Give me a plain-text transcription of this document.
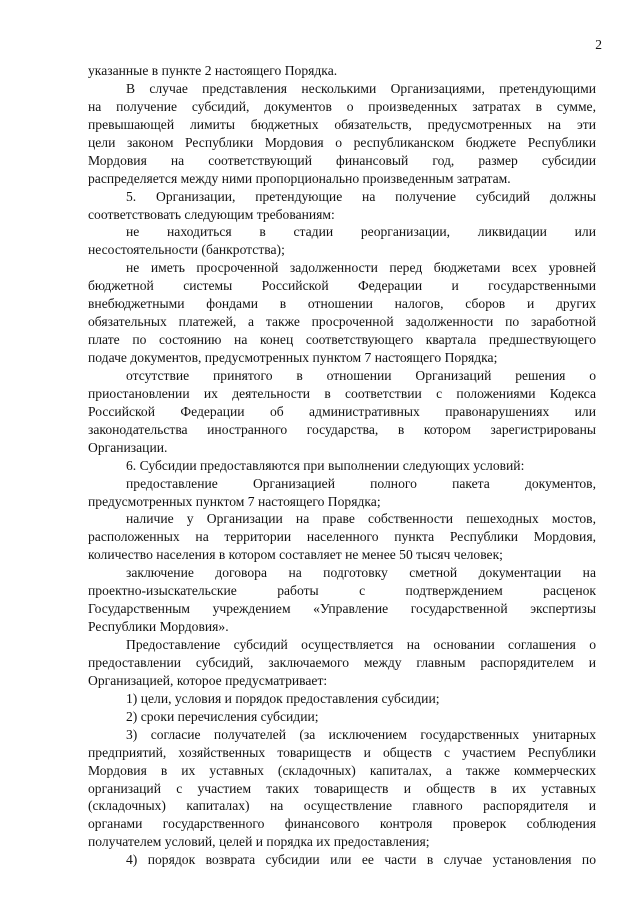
2
указанные в пункте 2 настоящего Порядка.
В случае представления несколькими Организациями, претендующими
на получение субсидий, документов о произведенных затратах в сумме,
превышающей лимиты бюджетных обязательств, предусмотренных на эти
цели законом Республики Мордовия о республиканском бюджете Республики
Мордовия на соответствующий финансовый год, размер субсидии
распределяется между ними пропорционально произведенным затратам.
5. Организации, претендующие на получение субсидий должны
соответствовать следующим требованиям:
не находиться в стадии реорганизации, ликвидации или
несостоятельности (банкротства);
не иметь просроченной задолженности перед бюджетами всех уровней
бюджетной системы Российской Федерации и государственными
внебюджетными фондами в отношении налогов, сборов и других
обязательных платежей, а также просроченной задолженности по заработной
плате по состоянию на конец соответствующего квартала предшествующего
подаче документов, предусмотренных пунктом 7 настоящего Порядка;
отсутствие принятого в отношении Организаций решения о
приостановлении их деятельности в соответствии с положениями Кодекса
Российской Федерации об административных правонарушениях или
законодательства иностранного государства, в котором зарегистрированы
Организации.
6. Субсидии предоставляются при выполнении следующих условий:
предоставление Организацией полного пакета документов,
предусмотренных пунктом 7 настоящего Порядка;
наличие у Организации на праве собственности пешеходных мостов,
расположенных на территории населенного пункта Республики Мордовия,
количество населения в котором составляет не менее 50 тысяч человек;
заключение договора на подготовку сметной документации на
проектно-изыскательские работы с подтверждением расценок
Государственным учреждением «Управление государственной экспертизы
Республики Мордовия».
Предоставление субсидий осуществляется на основании соглашения о
предоставлении субсидий, заключаемого между главным распорядителем и
Организацией, которое предусматривает:
1) цели, условия и порядок предоставления субсидии;
2) сроки перечисления субсидии;
3) согласие получателей (за исключением государственных унитарных
предприятий, хозяйственных товариществ и обществ с участием Республики
Мордовия в их уставных (складочных) капиталах, а также коммерческих
организаций с участием таких товариществ и обществ в их уставных
(складочных) капиталах) на осуществление главного распорядителя и
органами государственного финансового контроля проверок соблюдения
получателем условий, целей и порядка их предоставления;
4) порядок возврата субсидии или ее части в случае установления по
